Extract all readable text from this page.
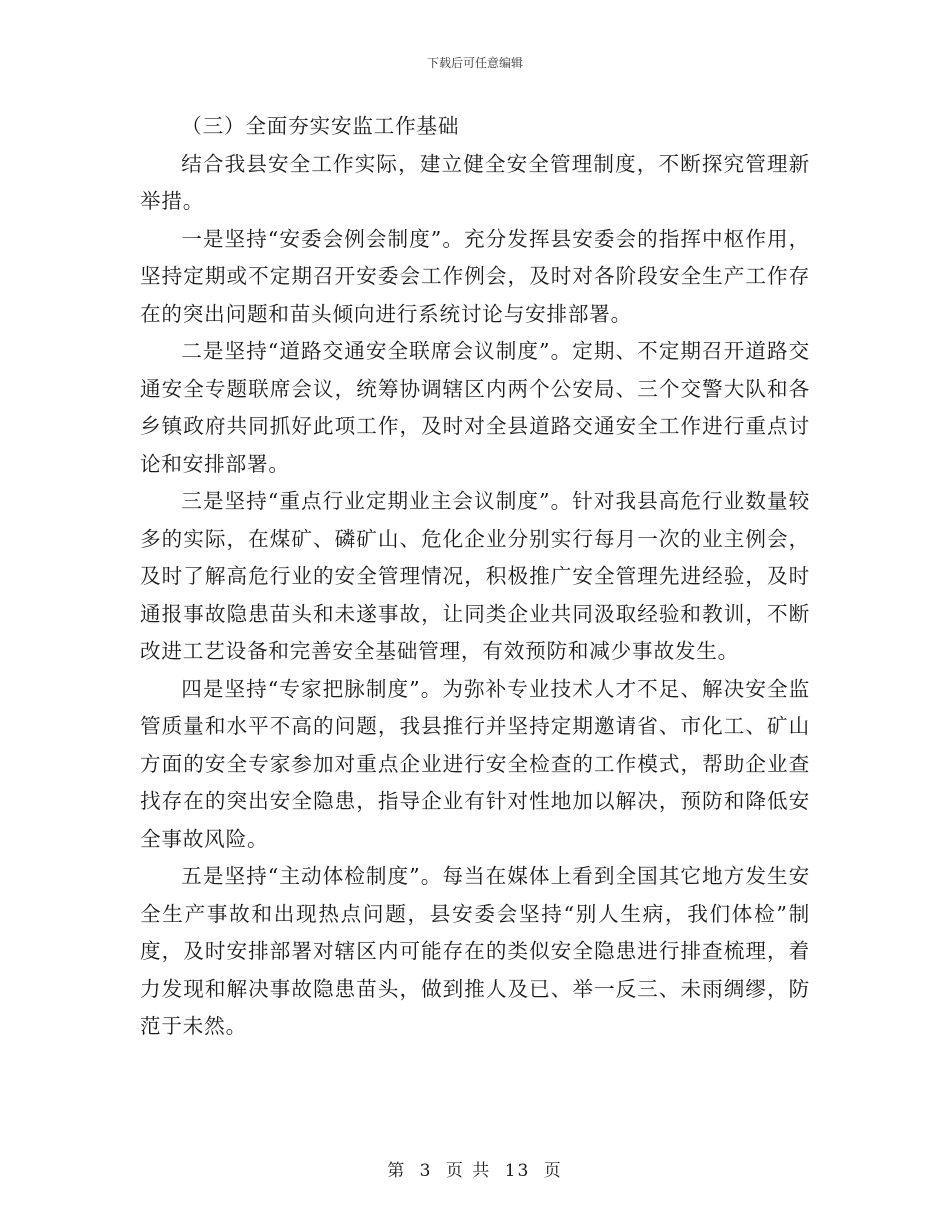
下载后可任意编辑
（三）全面夯实安监工作基础

结合我县安全工作实际，建立健全安全管理制度，不断探究管理新举措。

一是坚持“安委会例会制度”。充分发挥县安委会的指挥中枢作用，坚持定期或不定期召开安委会工作例会，及时对各阶段安全生产工作存在的突出问题和苗头倾向进行系统讨论与安排部署。

二是坚持“道路交通安全联席会议制度”。定期、不定期召开道路交通安全专题联席会议，统筹协调辖区内两个公安局、三个交警大队和各乡镇政府共同抓好此项工作，及时对全县道路交通安全工作进行重点讨论和安排部署。

三是坚持“重点行业定期业主会议制度”。针对我县高危行业数量较多的实际，在煤矿、磷矿山、危化企业分别实行每月一次的业主例会，及时了解高危行业的安全管理情况，积极推广安全管理先进经验，及时通报事故隐患苗头和未遂事故，让同类企业共同汲取经验和教训，不断改进工艺设备和完善安全基础管理，有效预防和减少事故发生。

四是坚持“专家把脉制度”。为弥补专业技术人才不足、解决安全监管质量和水平不高的问题，我县推行并坚持定期邀请省、市化工、矿山方面的安全专家参加对重点企业进行安全检查的工作模式，帮助企业查找存在的突出安全隐患，指导企业有针对性地加以解决，预防和降低安全事故风险。

五是坚持“主动体检制度”。每当在媒体上看到全国其它地方发生安全生产事故和出现热点问题，县安委会坚持“别人生病，我们体检”制度，及时安排部署对辖区内可能存在的类似安全隐患进行排查梳理，着力发现和解决事故隐患苗头，做到推人及已、举一反三、未雨绸缪，防范于未然。

第 3 页 共 13 页
